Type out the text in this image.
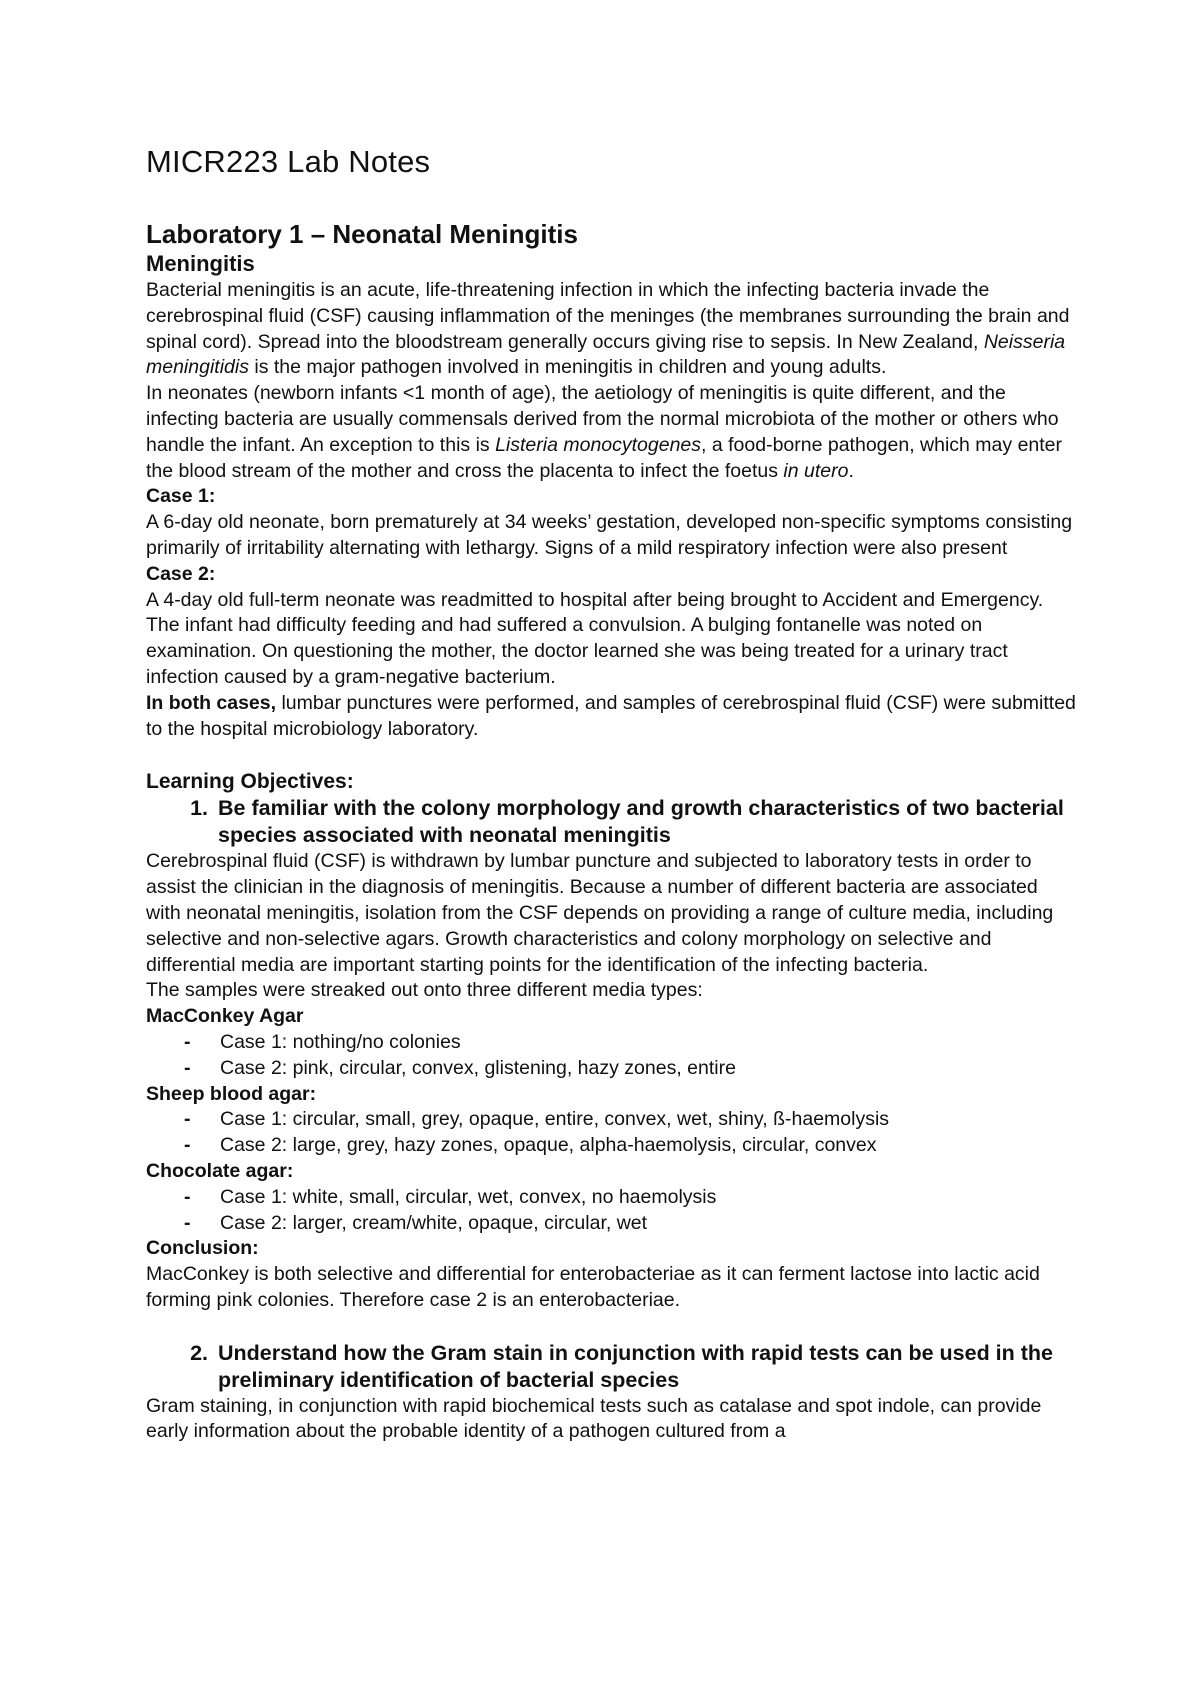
MICR223 Lab Notes
Laboratory 1 – Neonatal Meningitis
Meningitis

Bacterial meningitis is an acute, life-threatening infection in which the infecting bacteria invade the cerebrospinal fluid (CSF) causing inflammation of the meninges (the membranes surrounding the brain and spinal cord). Spread into the bloodstream generally occurs giving rise to sepsis. In New Zealand, Neisseria meningitidis is the major pathogen involved in meningitis in children and young adults.

In neonates (newborn infants <1 month of age), the aetiology of meningitis is quite different, and the infecting bacteria are usually commensals derived from the normal microbiota of the mother or others who handle the infant. An exception to this is Listeria monocytogenes, a food-borne pathogen, which may enter the blood stream of the mother and cross the placenta to infect the foetus in utero.

Case 1:

A 6-day old neonate, born prematurely at 34 weeks’ gestation, developed non-specific symptoms consisting primarily of irritability alternating with lethargy. Signs of a mild respiratory infection were also present

Case 2:

A 4-day old full-term neonate was readmitted to hospital after being brought to Accident and Emergency. The infant had difficulty feeding and had suffered a convulsion. A bulging fontanelle was noted on examination. On questioning the mother, the doctor learned she was being treated for a urinary tract infection caused by a gram-negative bacterium.

In both cases, lumbar punctures were performed, and samples of cerebrospinal fluid (CSF) were submitted to the hospital microbiology laboratory.

Learning Objectives:

1. Be familiar with the colony morphology and growth characteristics of two bacterial species associated with neonatal meningitis

Cerebrospinal fluid (CSF) is withdrawn by lumbar puncture and subjected to laboratory tests in order to assist the clinician in the diagnosis of meningitis. Because a number of different bacteria are associated with neonatal meningitis, isolation from the CSF depends on providing a range of culture media, including selective and non-selective agars. Growth characteristics and colony morphology on selective and differential media are important starting points for the identification of the infecting bacteria.

The samples were streaked out onto three different media types:

MacConkey Agar

-	Case 1: nothing/no colonies
-	Case 2: pink, circular, convex, glistening, hazy zones, entire

Sheep blood agar:

-	Case 1: circular, small, grey, opaque, entire, convex, wet, shiny, ß-haemolysis
-	Case 2: large, grey, hazy zones, opaque, alpha-haemolysis, circular, convex

Chocolate agar:

-	Case 1: white, small, circular, wet, convex, no haemolysis
-	Case 2: larger, cream/white, opaque, circular, wet

Conclusion:

MacConkey is both selective and differential for enterobacteriae as it can ferment lactose into lactic acid forming pink colonies. Therefore case 2 is an enterobacteriae.

2. Understand how the Gram stain in conjunction with rapid tests can be used in the preliminary identification of bacterial species

Gram staining, in conjunction with rapid biochemical tests such as catalase and spot indole, can provide early information about the probable identity of a pathogen cultured from a
